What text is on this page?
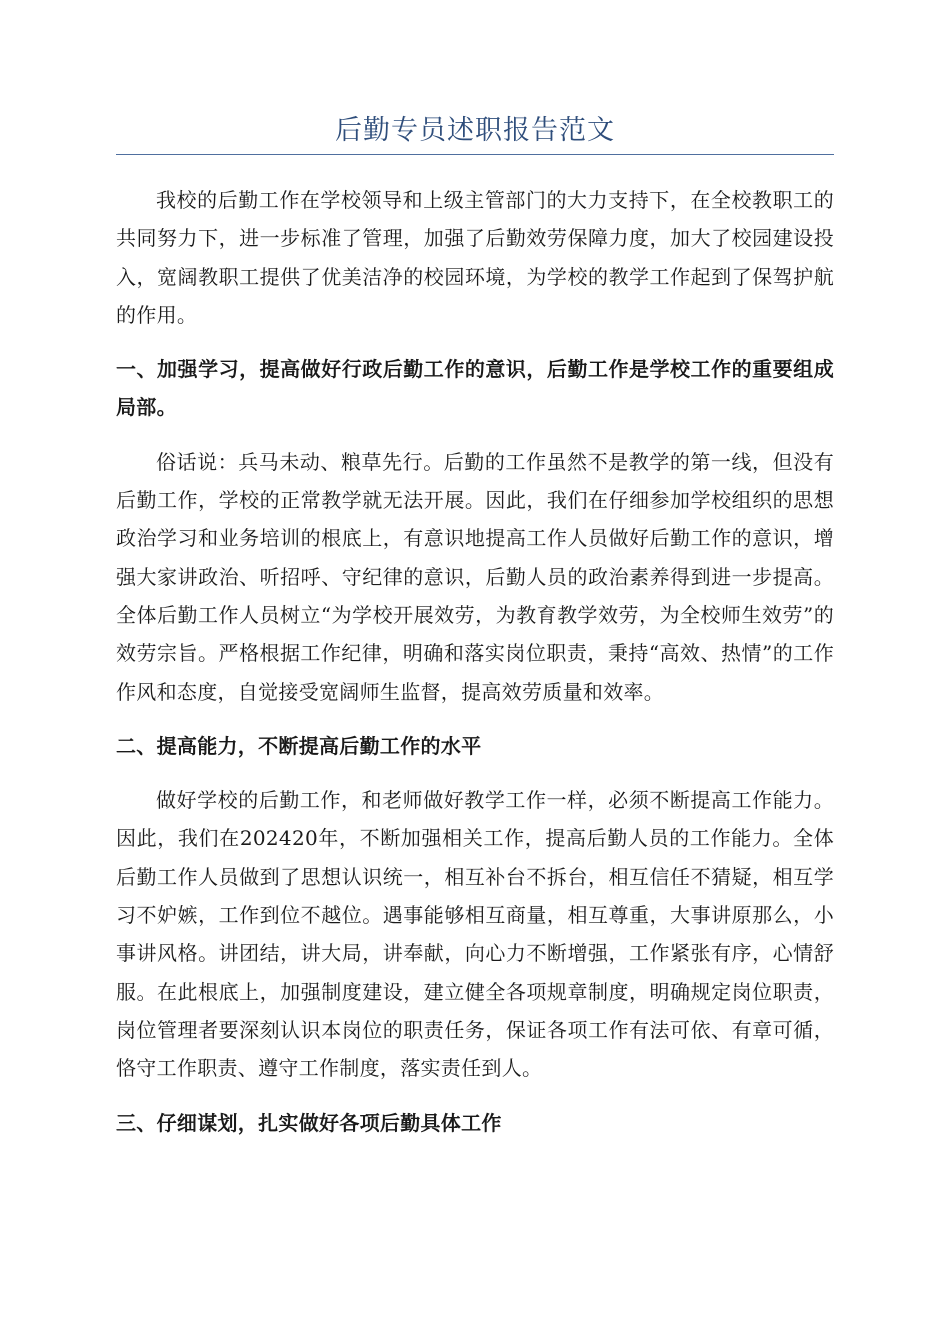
后勤专员述职报告范文

我校的后勤工作在学校领导和上级主管部门的大力支持下，在全校教职工的共同努力下，进一步标准了管理，加强了后勤效劳保障力度，加大了校园建设投入，宽阔教职工提供了优美洁净的校园环境，为学校的教学工作起到了保驾护航的作用。

一、加强学习，提高做好行政后勤工作的意识，后勤工作是学校工作的重要组成局部。

俗话说：兵马未动、粮草先行。后勤的工作虽然不是教学的第一线，但没有后勤工作，学校的正常教学就无法开展。因此，我们在仔细参加学校组织的思想政治学习和业务培训的根底上，有意识地提高工作人员做好后勤工作的意识，增强大家讲政治、听招呼、守纪律的意识，后勤人员的政治素养得到进一步提高。全体后勤工作人员树立“为学校开展效劳，为教育教学效劳，为全校师生效劳”的效劳宗旨。严格根据工作纪律，明确和落实岗位职责，秉持“高效、热情”的工作作风和态度，自觉接受宽阔师生监督，提高效劳质量和效率。

二、提高能力，不断提高后勤工作的水平

做好学校的后勤工作，和老师做好教学工作一样，必须不断提高工作能力。因此，我们在202420年，不断加强相关工作，提高后勤人员的工作能力。全体后勤工作人员做到了思想认识统一，相互补台不拆台，相互信任不猜疑，相互学习不妒嫉，工作到位不越位。遇事能够相互商量，相互尊重，大事讲原那么，小事讲风格。讲团结，讲大局，讲奉献，向心力不断增强，工作紧张有序，心情舒服。在此根底上，加强制度建设，建立健全各项规章制度，明确规定岗位职责，岗位管理者要深刻认识本岗位的职责任务，保证各项工作有法可依、有章可循，恪守工作职责、遵守工作制度，落实责任到人。

三、仔细谋划，扎实做好各项后勤具体工作
